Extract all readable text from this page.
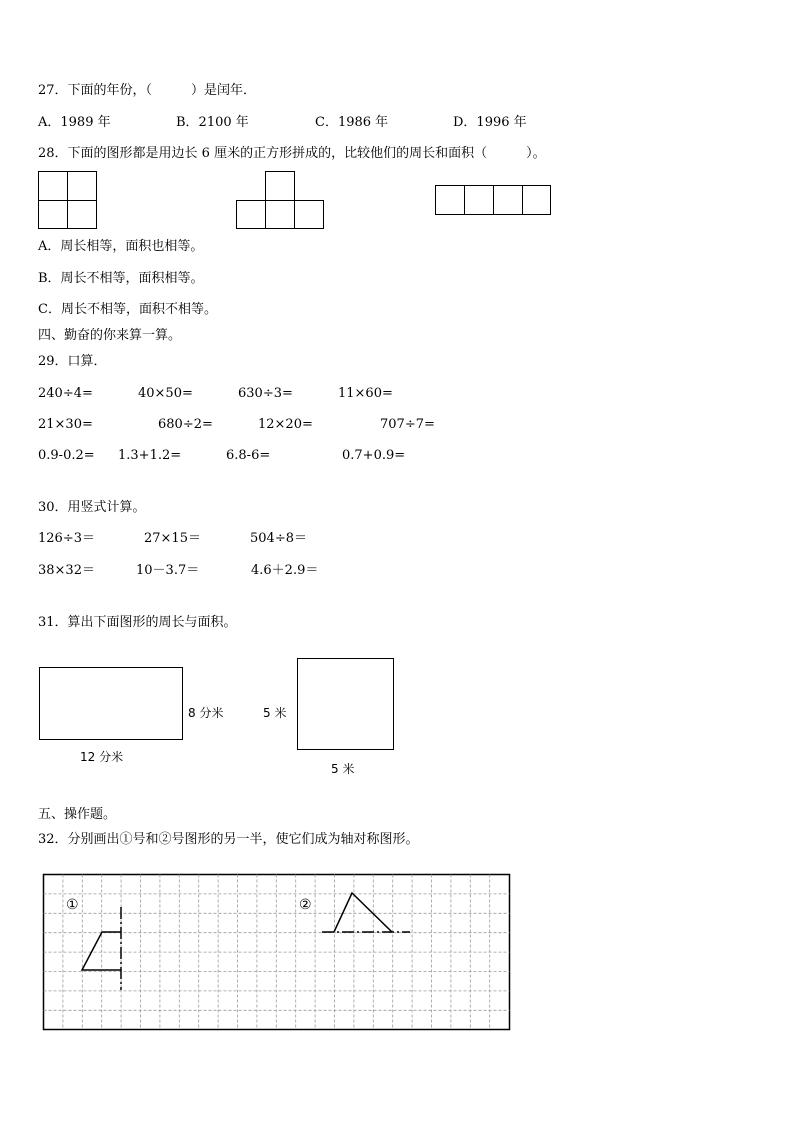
27．下面的年份，（　　　）是闰年．
A．1989 年	B．2100 年	C．1986 年	D．1996 年
28．下面的图形都是用边长 6 厘米的正方形拼成的，比较他们的周长和面积（　　　）。
A．周长相等，面积也相等。
B．周长不相等，面积相等。
C．周长不相等，面积不相等。
四、勤奋的你来算一算。
29．口算．
240÷4=	40×50=	630÷3=	11×60=
21×30=	680÷2=	12×20=	707÷7=
0.9-0.2= 1.3+1.2=	6.8-6=	0.7+0.9=
30．用竖式计算。
126÷3＝	27×15＝	504÷8＝
38×32＝	10－3.7＝	4.6＋2.9＝
31．算出下面图形的周长与面积。
8 分米
12 分米
5 米
5 米
五、操作题。
32．分别画出①号和②号图形的另一半，使它们成为轴对称图形。
①	②
